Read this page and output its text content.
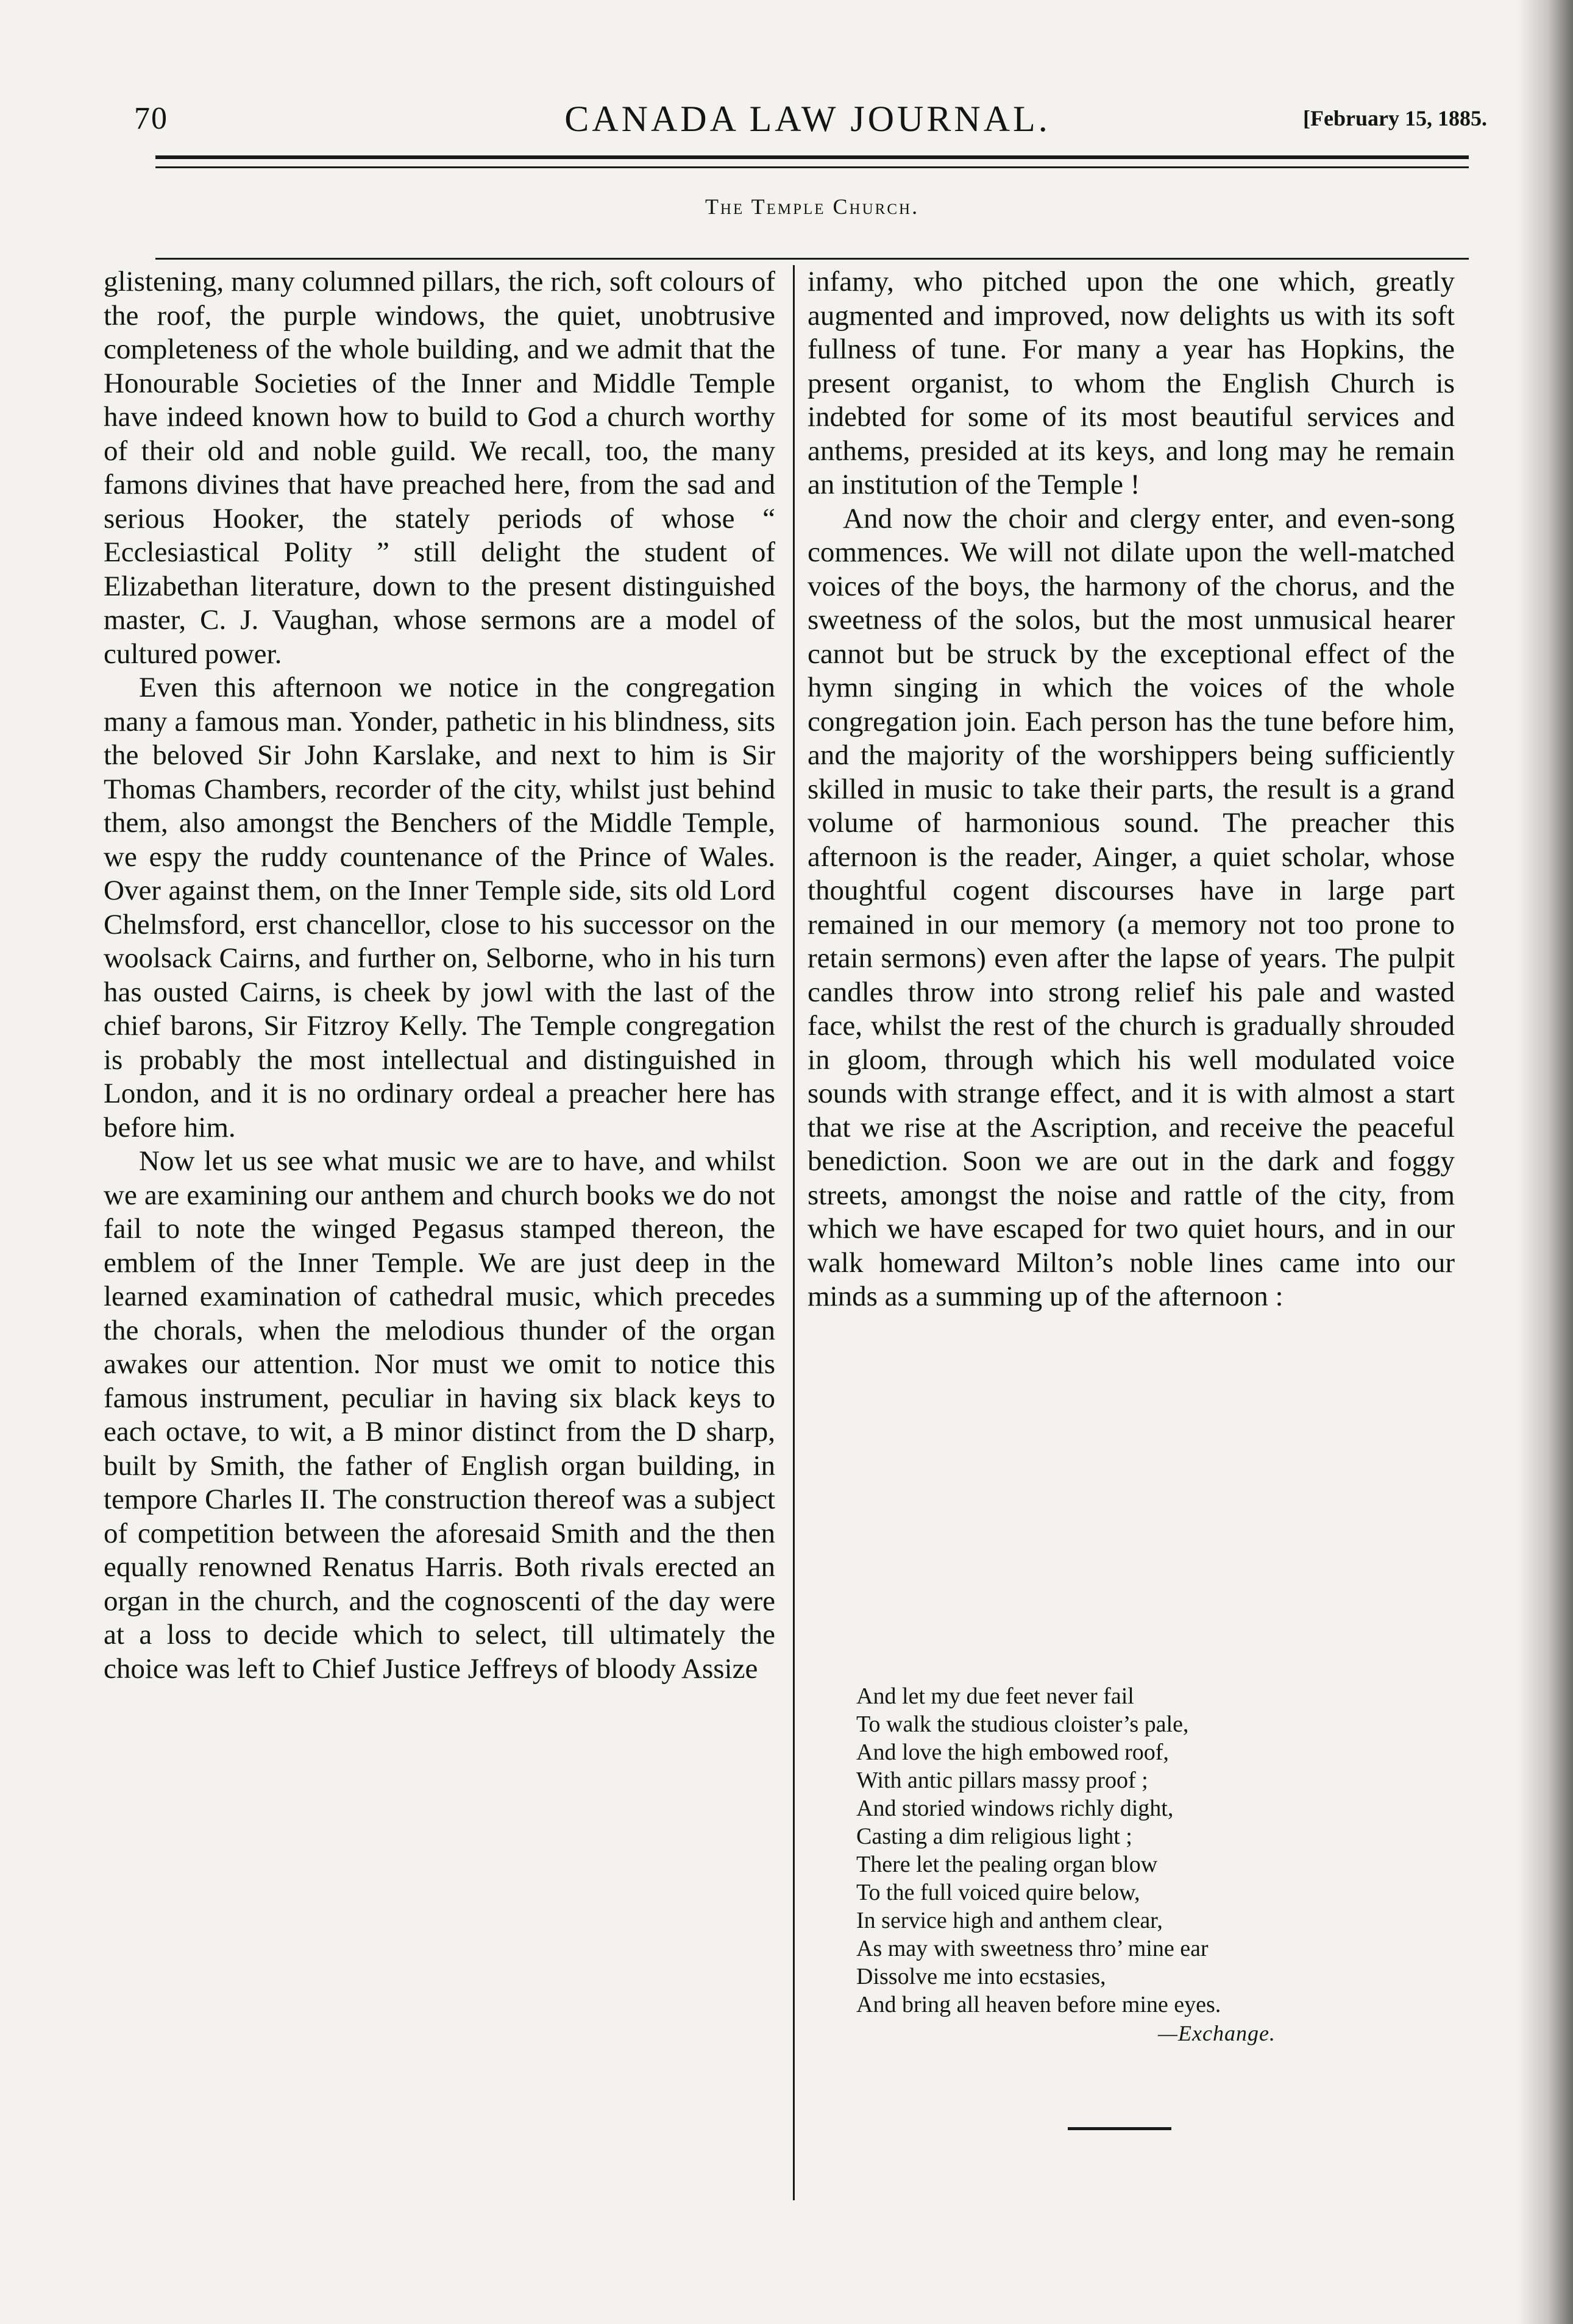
70	CANADA LAW JOURNAL.	[February 15, 1885.
The Temple Church.

glistening, many columned pillars, the rich, soft colours of the roof, the purple windows, the quiet, unobtrusive completeness of the whole building, and we admit that the Honourable Societies of the Inner and Middle Temple have indeed known how to build to God a church worthy of their old and noble guild. We recall, too, the many famons divines that have preached here, from the sad and serious Hooker, the stately periods of whose “ Ecclesiastical Polity ” still delight the student of Elizabethan literature, down to the present distinguished master, C. J. Vaughan, whose sermons are a model of cultured power.

Even this afternoon we notice in the congregation many a famous man. Yonder, pathetic in his blindness, sits the beloved Sir John Karslake, and next to him is Sir Thomas Chambers, recorder of the city, whilst just behind them, also amongst the Benchers of the Middle Temple, we espy the ruddy countenance of the Prince of Wales. Over against them, on the Inner Temple side, sits old Lord Chelmsford, erst chancellor, close to his successor on the woolsack Cairns, and further on, Selborne, who in his turn has ousted Cairns, is cheek by jowl with the last of the chief barons, Sir Fitzroy Kelly. The Temple congregation is probably the most intellectual and distinguished in London, and it is no ordinary ordeal a preacher here has before him.

Now let us see what music we are to have, and whilst we are examining our anthem and church books we do not fail to note the winged Pegasus stamped thereon, the emblem of the Inner Temple. We are just deep in the learned examination of cathedral music, which precedes the chorals, when the melodious thunder of the organ awakes our attention. Nor must we omit to notice this famous instrument, peculiar in having six black keys to each octave, to wit, a B minor distinct from the D sharp, built by Smith, the father of English organ building, in tempore Charles II. The construction thereof was a subject of competition between the aforesaid Smith and the then equally renowned Renatus Harris. Both rivals erected an organ in the church, and the cognoscenti of the day were at a loss to decide which to select, till ultimately the choice was left to Chief Justice Jeffreys of bloody Assize

infamy, who pitched upon the one which, greatly augmented and improved, now delights us with its soft fullness of tune. For many a year has Hopkins, the present organist, to whom the English Church is indebted for some of its most beautiful services and anthems, presided at its keys, and long may he remain an institution of the Temple !

And now the choir and clergy enter, and even-song commences. We will not dilate upon the well-matched voices of the boys, the harmony of the chorus, and the sweetness of the solos, but the most unmusical hearer cannot but be struck by the exceptional effect of the hymn singing in which the voices of the whole congregation join. Each person has the tune before him, and the majority of the worshippers being sufficiently skilled in music to take their parts, the result is a grand volume of harmonious sound. The preacher this afternoon is the reader, Ainger, a quiet scholar, whose thoughtful cogent discourses have in large part remained in our memory (a memory not too prone to retain sermons) even after the lapse of years. The pulpit candles throw into strong relief his pale and wasted face, whilst the rest of the church is gradually shrouded in gloom, through which his well modulated voice sounds with strange effect, and it is with almost a start that we rise at the Ascription, and receive the peaceful benediction. Soon we are out in the dark and foggy streets, amongst the noise and rattle of the city, from which we have escaped for two quiet hours, and in our walk homeward Milton’s noble lines came into our minds as a summing up of the afternoon :

And let my due feet never fail
To walk the studious cloister’s pale,
And love the high embowed roof,
With antic pillars massy proof ;
And storied windows richly dight,
Casting a dim religious light ;
There let the pealing organ blow
To the full voiced quire below,
In service high and anthem clear,
As may with sweetness thro’ mine ear
Dissolve me into ecstasies,
And bring all heaven before mine eyes.
—Exchange.
